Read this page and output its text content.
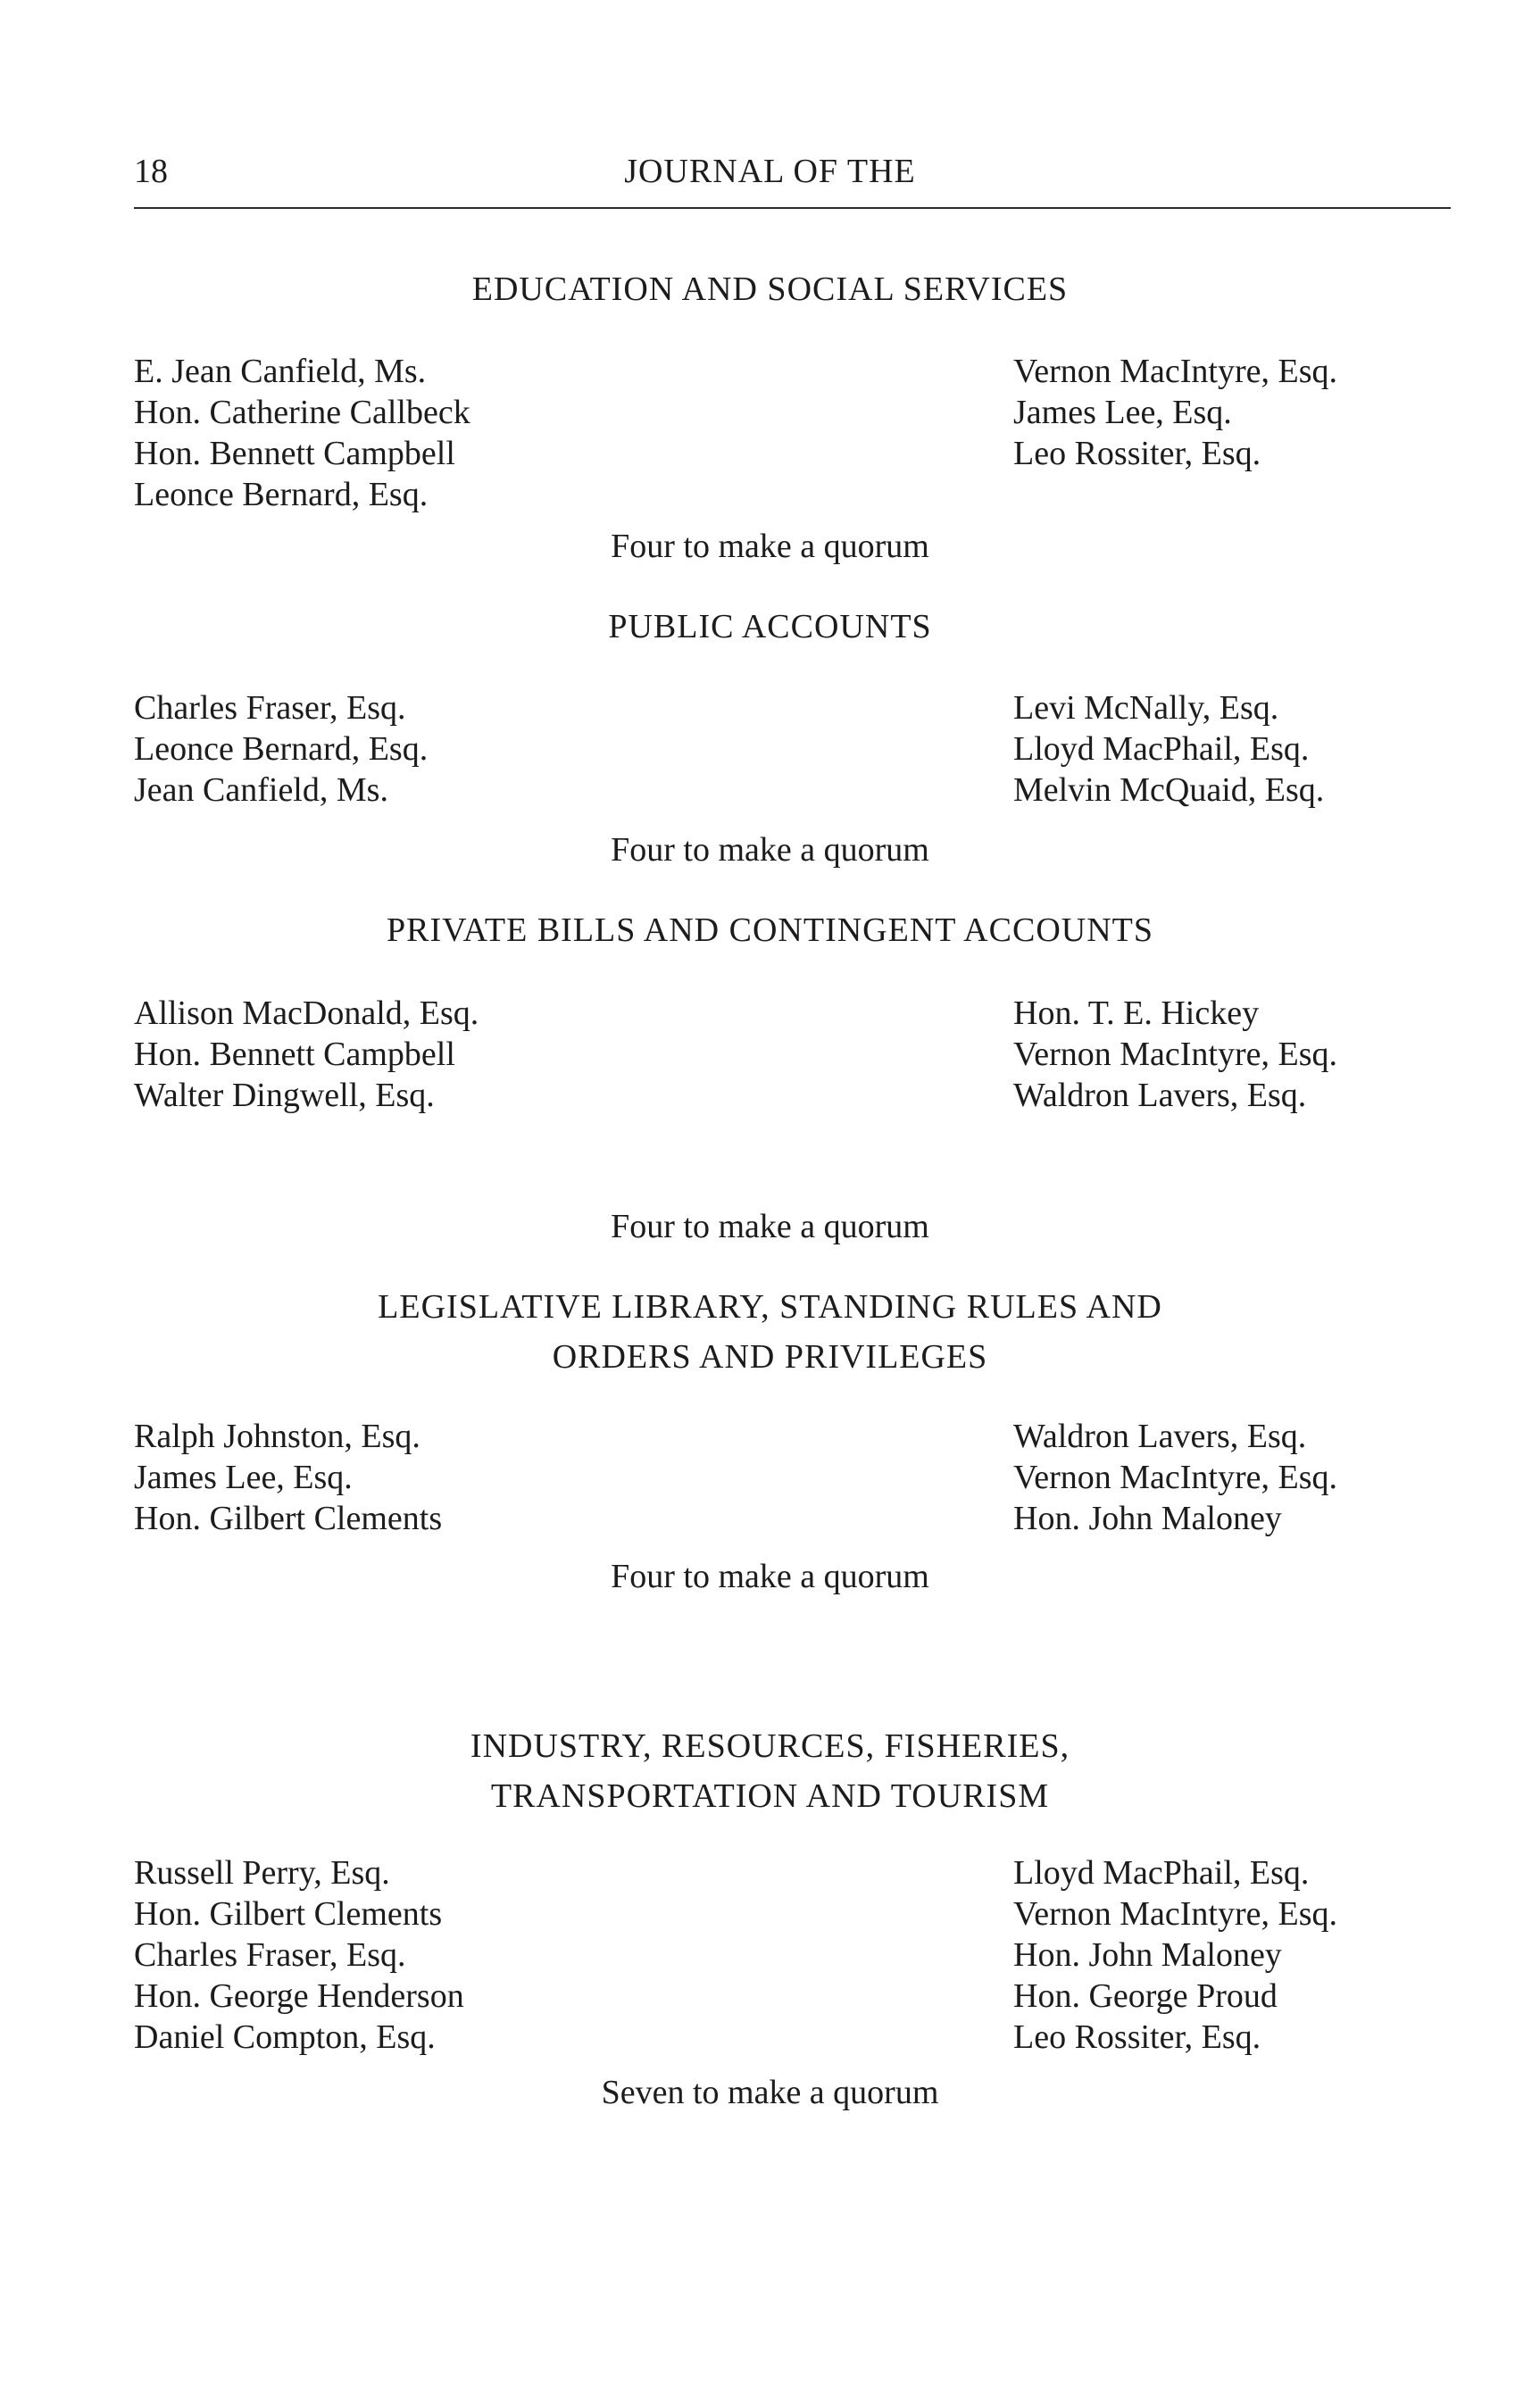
18	JOURNAL OF THE
EDUCATION AND SOCIAL SERVICES
E. Jean Canfield, Ms.
Hon. Catherine Callbeck
Hon. Bennett Campbell
Leonce Bernard, Esq.
Vernon MacIntyre, Esq.
James Lee, Esq.
Leo Rossiter, Esq.
Four to make a quorum
PUBLIC ACCOUNTS
Charles Fraser, Esq.
Leonce Bernard, Esq.
Jean Canfield, Ms.
Levi McNally, Esq.
Lloyd MacPhail, Esq.
Melvin McQuaid, Esq.
Four to make a quorum
PRIVATE BILLS AND CONTINGENT ACCOUNTS
Allison MacDonald, Esq.
Hon. Bennett Campbell
Walter Dingwell, Esq.
Hon. T. E. Hickey
Vernon MacIntyre, Esq.
Waldron Lavers, Esq.
Four to make a quorum
LEGISLATIVE LIBRARY, STANDING RULES AND
ORDERS AND PRIVILEGES
Ralph Johnston, Esq.
James Lee, Esq.
Hon. Gilbert Clements
Waldron Lavers, Esq.
Vernon MacIntyre, Esq.
Hon. John Maloney
Four to make a quorum
INDUSTRY, RESOURCES, FISHERIES,
TRANSPORTATION AND TOURISM
Russell Perry, Esq.
Hon. Gilbert Clements
Charles Fraser, Esq.
Hon. George Henderson
Daniel Compton, Esq.
Lloyd MacPhail, Esq.
Vernon MacIntyre, Esq.
Hon. John Maloney
Hon. George Proud
Leo Rossiter, Esq.
Seven to make a quorum
